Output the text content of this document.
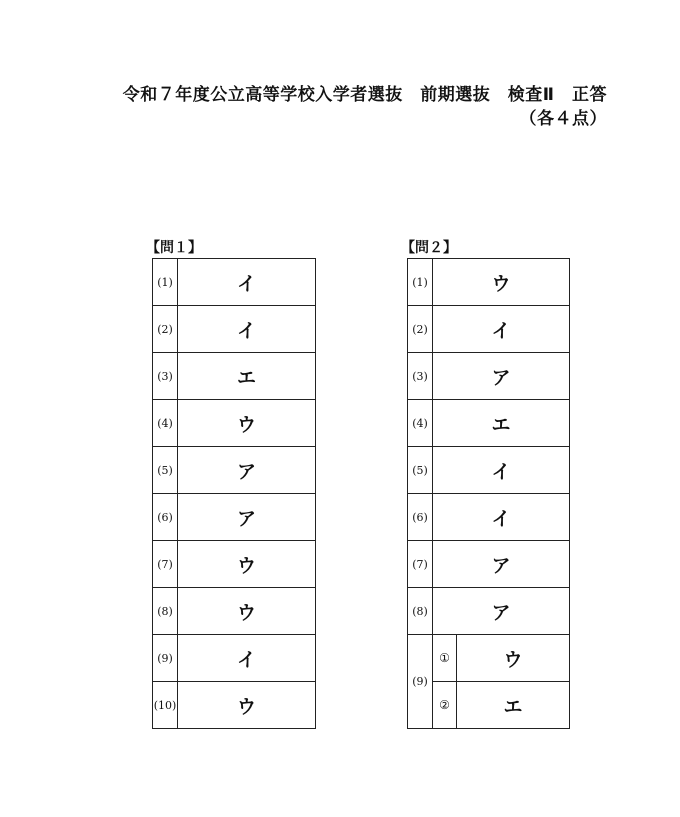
令和７年度公立高等学校入学者選抜　前期選抜　検査Ⅱ　正答
（各４点）
【問１】	【問２】
(1)	イ
(2)	イ
(3)	エ
(4)	ウ
(5)	ア
(6)	ア
(7)	ウ
(8)	ウ
(9)	イ
(10)	ウ
(1)	ウ	
(2)	イ	
(3)	ア	
(4)	エ	
(5)	イ	
(6)	イ	
(7)	ア	
(8)	ア	
(9)	①	ウ
	②	エ
